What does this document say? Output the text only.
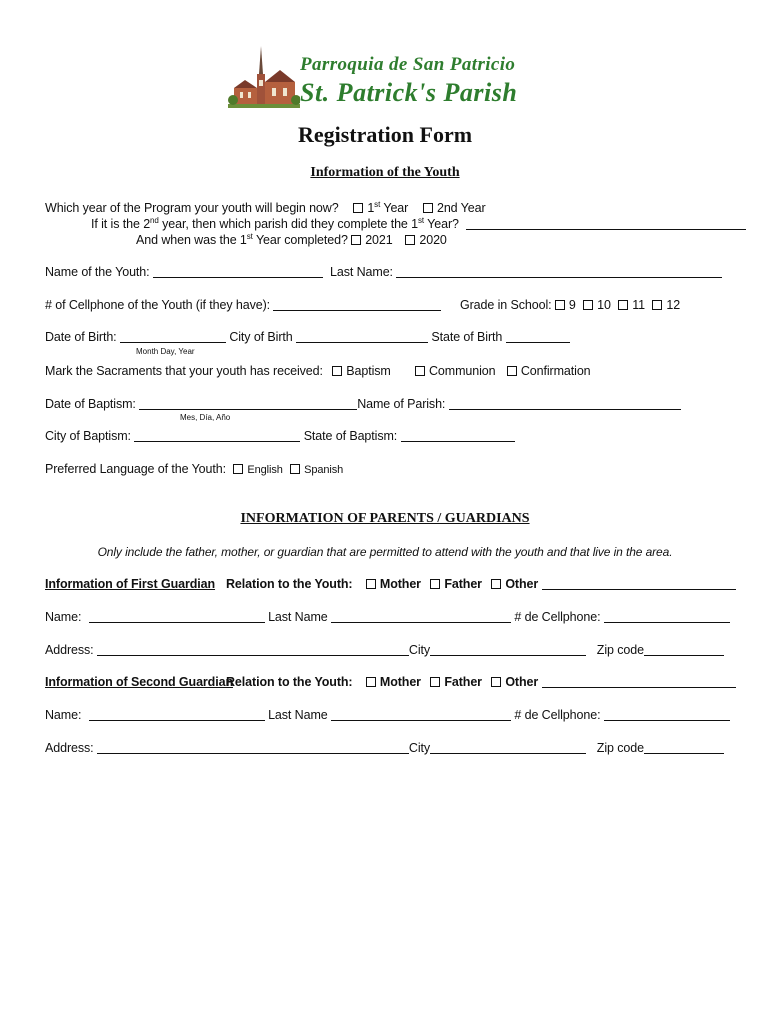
Parroquia de San Patricio
St. Patrick's Parish
Registration Form
Information of the Youth
Which year of the Program your youth will begin now? 1st Year 2nd Year
If it is the 2nd year, then which parish did they complete the 1st Year?
And when was the 1st Year completed? 2021 2020
Name of the Youth:	Last Name:
# of Cellphone of the Youth (if they have):	Grade in School: 9 10 11 12
Date of Birth:	City of Birth	State of Birth
Month Day, Year
Mark the Sacraments that your youth has received: Baptism	Communion Confirmation
Date of Baptism:	Name of Parish:
Mes, Día, Año
City of Baptism:	State of Baptism:
Preferred Language of the Youth: English Spanish
INFORMATION OF PARENTS / GUARDIANS
Only include the father, mother, or guardian that are permitted to attend with the youth and that live in the area.
Information of First Guardian Relation to the Youth: Mother Father Other
Name:	Last Name	# de Cellphone:
Address:	City	Zip code
Information of Second Guardian
Relation to the Youth: Mother Father Other
Name:	Last Name	# de Cellphone:
Address:	City	Zip code
